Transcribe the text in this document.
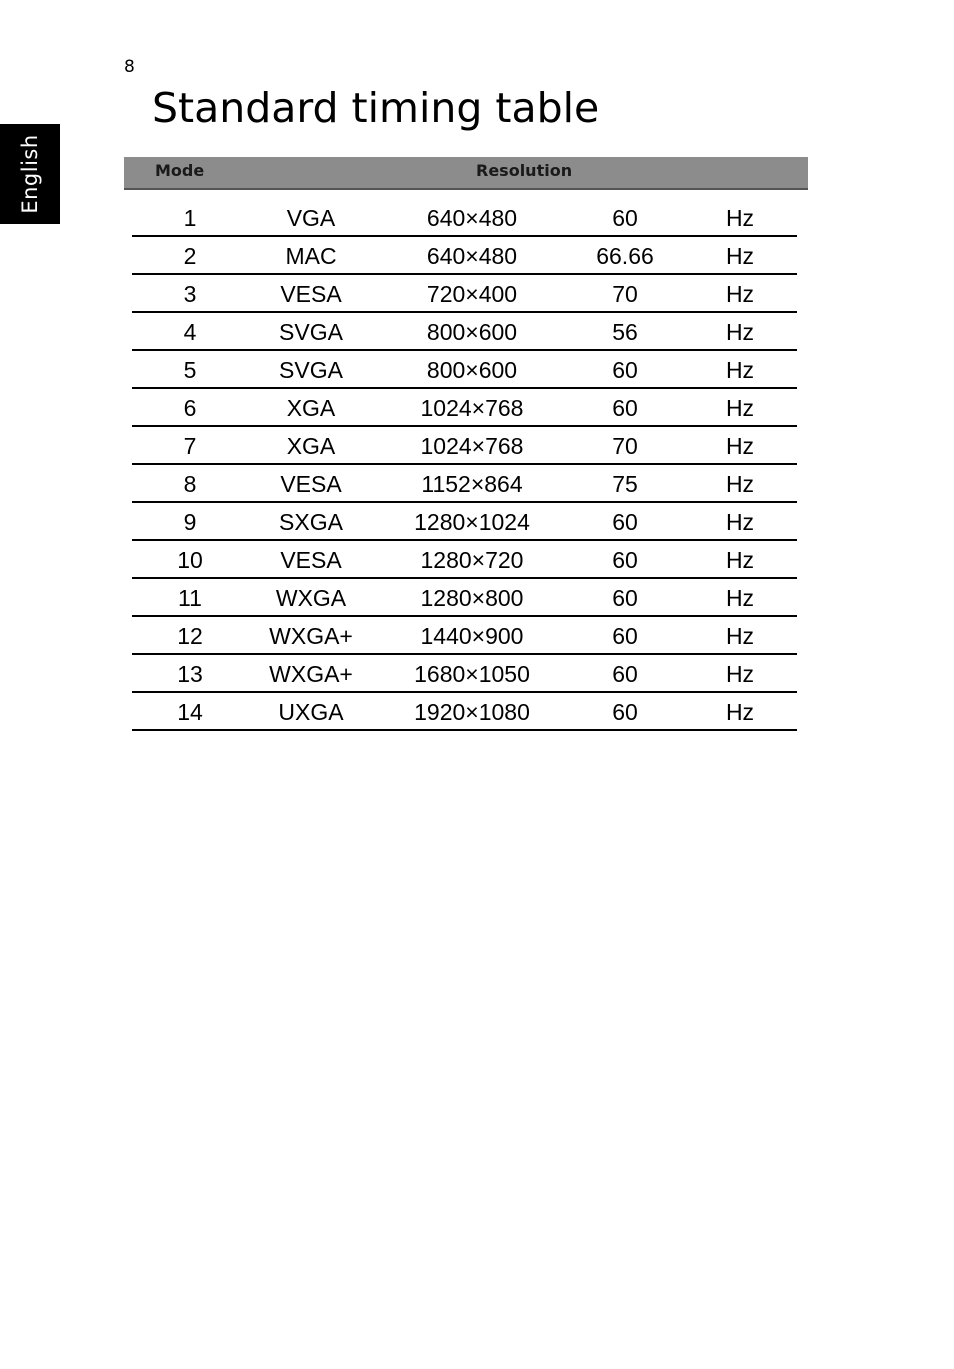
8
English
Standard timing table
Mode	Resolution
1	VGA	640×480	60	Hz
2	MAC	640×480	66.66	Hz
3	VESA	720×400	70	Hz
4	SVGA	800×600	56	Hz
5	SVGA	800×600	60	Hz
6	XGA	1024×768	60	Hz
7	XGA	1024×768	70	Hz
8	VESA	1152×864	75	Hz
9	SXGA	1280×1024	60	Hz
10	VESA	1280×720	60	Hz
11	WXGA	1280×800	60	Hz
12	WXGA+	1440×900	60	Hz
13	WXGA+	1680×1050	60	Hz
14	UXGA	1920×1080	60	Hz
